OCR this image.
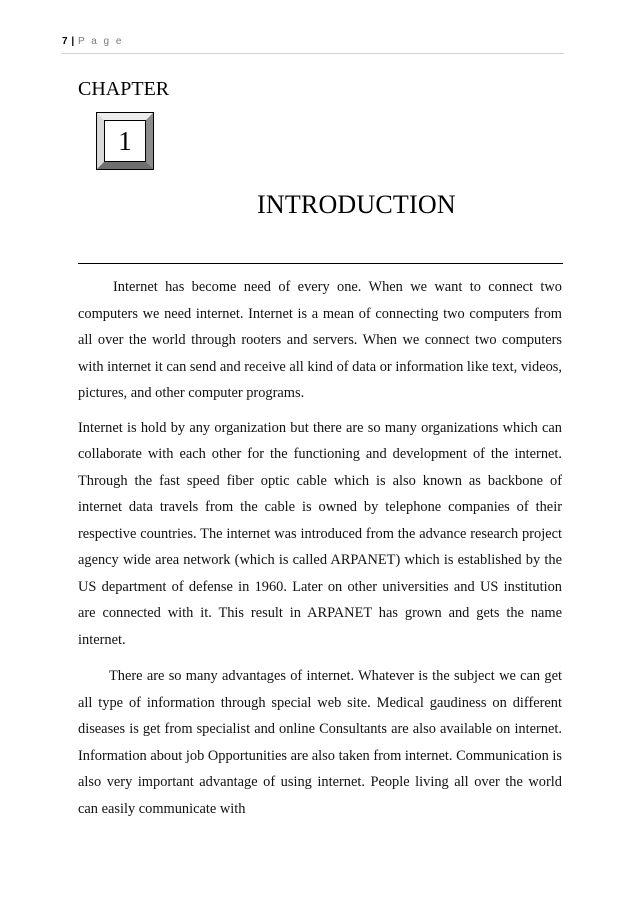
7 | P a g e
CHAPTER
1
INTRODUCTION

Internet has become need of every one. When we want to connect two computers we need internet. Internet is a mean of connecting two computers from all over the world through rooters and servers. When we connect two computers with internet it can send and receive all kind of data or information like text, videos, pictures, and other computer programs.

Internet is hold by any organization but there are so many organizations which can collaborate with each other for the functioning and development of the internet. Through the fast speed fiber optic cable which is also known as backbone of internet data travels from the cable is owned by telephone companies of their respective countries. The internet was introduced from the advance research project agency wide area network (which is called ARPANET) which is established by the US department of defense in 1960. Later on other universities and US institution are connected with it. This result in ARPANET has grown and gets the name internet.

There are so many advantages of internet. Whatever is the subject we can get all type of information through special web site. Medical gaudiness on different diseases is get from specialist and online Consultants are also available on internet. Information about job Opportunities are also taken from internet. Communication is also very important advantage of using internet. People living all over the world can easily communicate with
